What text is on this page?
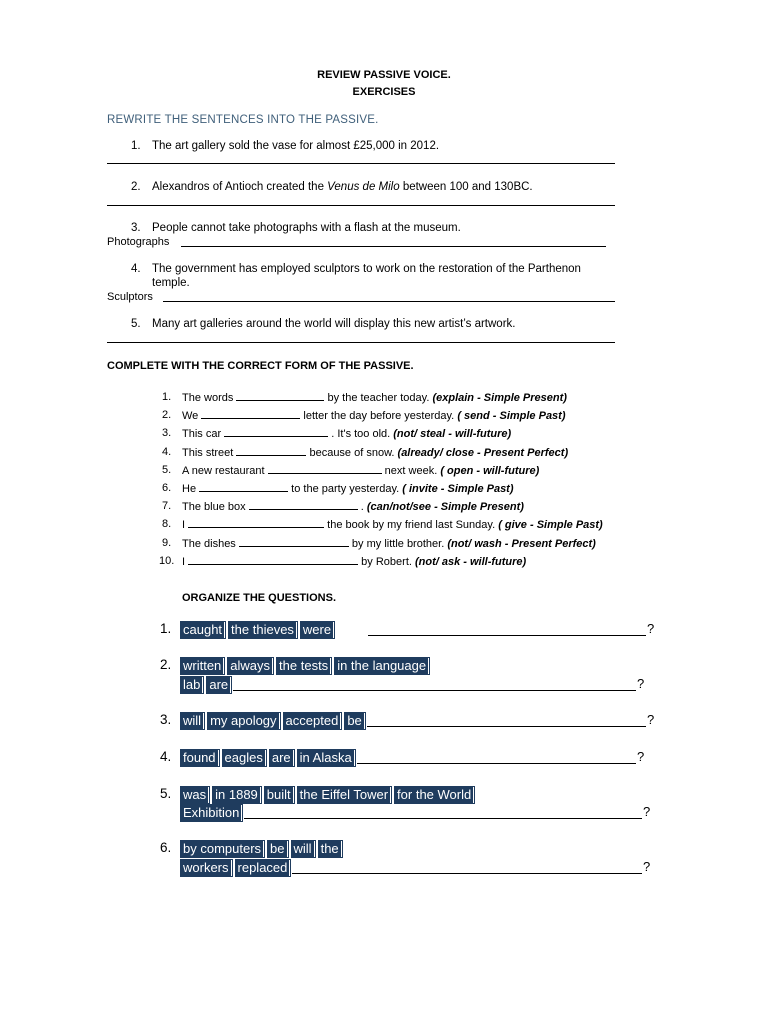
REVIEW PASSIVE VOICE.
EXERCISES
REWRITE THE SENTENCES INTO THE PASSIVE.
1. The art gallery sold the vase for almost £25,000 in 2012.
2. Alexandros of Antioch created the Venus de Milo between 100 and 130BC.
3. People cannot take photographs with a flash at the museum.
Photographs
4. The government has employed sculptors to work on the restoration of the Parthenon
temple.
Sculptors
5. Many art galleries around the world will display this new artist’s artwork.
COMPLETE WITH THE CORRECT FORM OF THE PASSIVE.
1. The words	by the teacher today. (explain - Simple Present)
2. We	letter the day before yesterday. ( send - Simple Past)
3. This car	. It's too old. (not/ steal - will-future)
4. This street	because of snow. (already/ close - Present Perfect)
5. A new restaurant	next week. ( open - will-future)
6. He	to the party yesterday. ( invite - Simple Past)
7. The blue box	. (can/not/see - Simple Present)
8. I	the book by my friend last Sunday. ( give - Simple Past)
9. The dishes	by my little brother. (not/ wash - Present Perfect)
10. I	by Robert. (not/ ask - will-future)
ORGANIZE THE QUESTIONS.
1. caught the thieves were	?
2. written always the tests in the language
lab are	?
3. will my apology accepted be	?
4. found eagles are in Alaska	?
5. was in 1889 built the Eiffel Tower for the World
Exhibition	?
6. by computers be will the
workers replaced	?
